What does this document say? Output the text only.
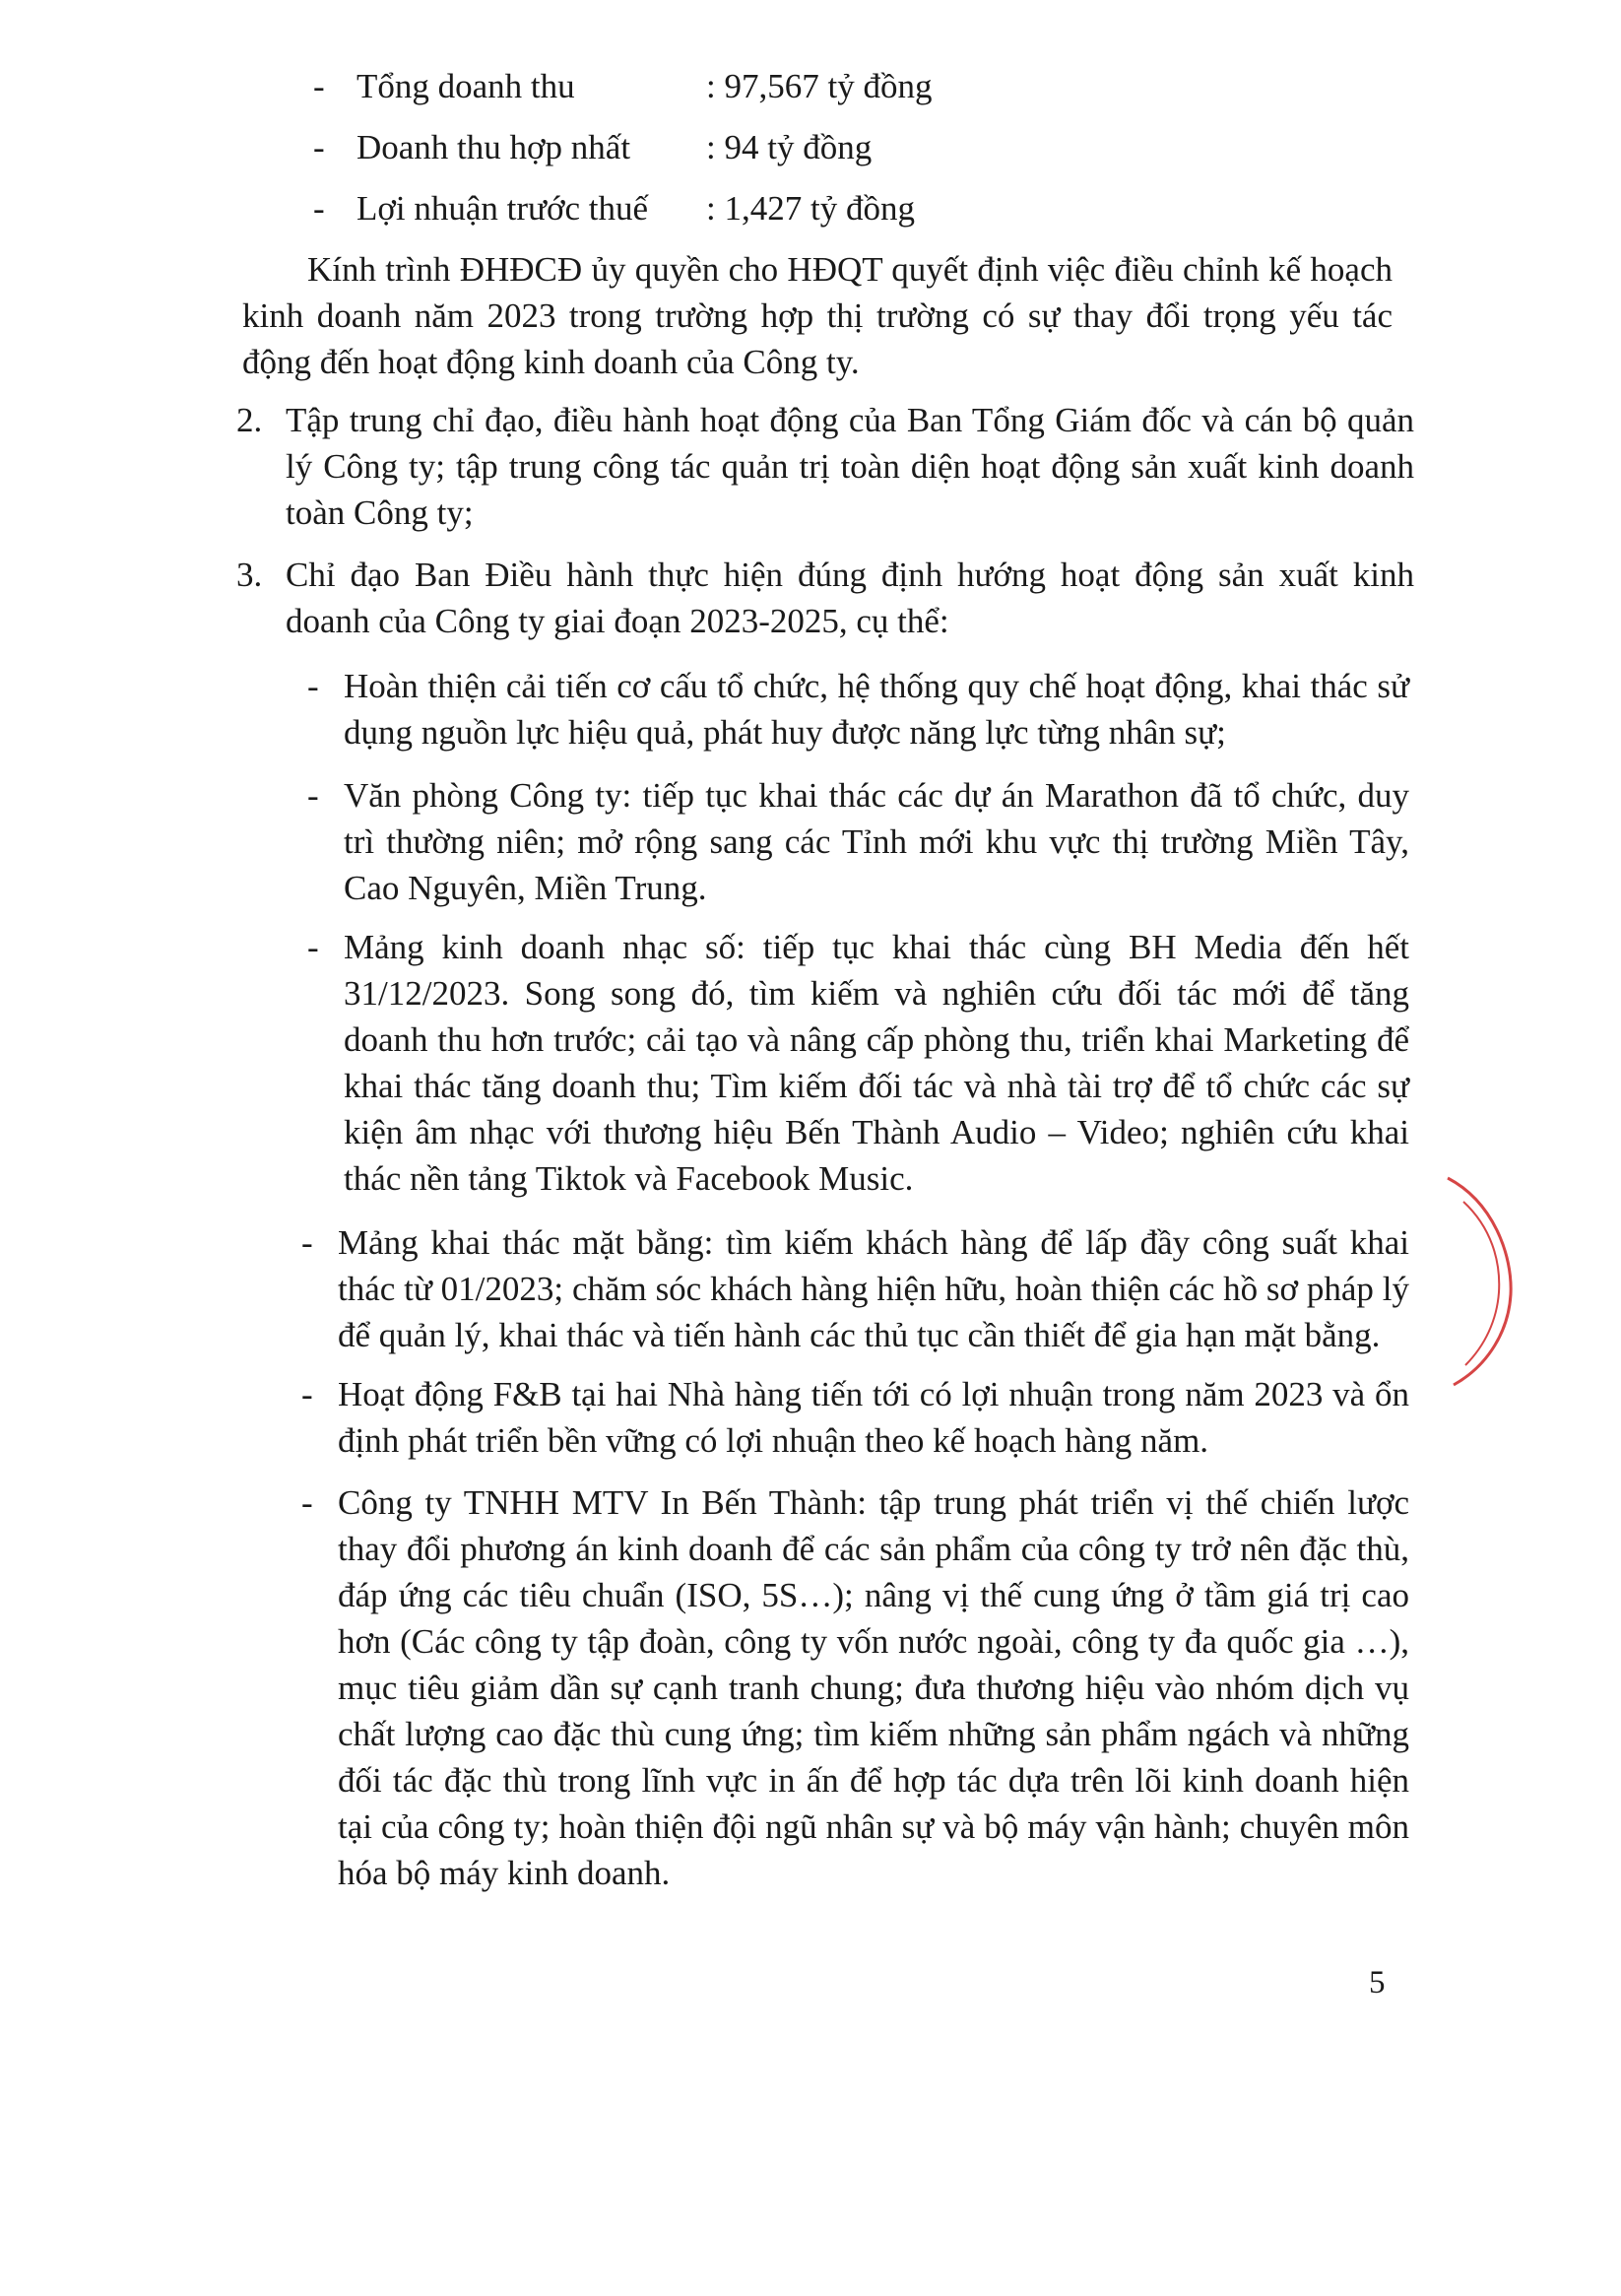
- Tổng doanh thu	: 97,567 tỷ đồng
- Doanh thu hợp nhất	: 94 tỷ đồng
- Lợi nhuận trước thuế	: 1,427 tỷ đồng

Kính trình ĐHĐCĐ ủy quyền cho HĐQT quyết định việc điều chỉnh kế hoạch kinh doanh năm 2023 trong trường hợp thị trường có sự thay đổi trọng yếu tác động đến hoạt động kinh doanh của Công ty.

2. Tập trung chỉ đạo, điều hành hoạt động của Ban Tổng Giám đốc và cán bộ quản lý Công ty; tập trung công tác quản trị toàn diện hoạt động sản xuất kinh doanh toàn Công ty;

3. Chỉ đạo Ban Điều hành thực hiện đúng định hướng hoạt động sản xuất kinh doanh của Công ty giai đoạn 2023-2025, cụ thể:

- Hoàn thiện cải tiến cơ cấu tổ chức, hệ thống quy chế hoạt động, khai thác sử dụng nguồn lực hiệu quả, phát huy được năng lực từng nhân sự;

- Văn phòng Công ty: tiếp tục khai thác các dự án Marathon đã tổ chức, duy trì thường niên; mở rộng sang các Tỉnh mới khu vực thị trường Miền Tây, Cao Nguyên, Miền Trung.

- Mảng kinh doanh nhạc số: tiếp tục khai thác cùng BH Media đến hết 31/12/2023. Song song đó, tìm kiếm và nghiên cứu đối tác mới để tăng doanh thu hơn trước; cải tạo và nâng cấp phòng thu, triển khai Marketing để khai thác tăng doanh thu; Tìm kiếm đối tác và nhà tài trợ để tổ chức các sự kiện âm nhạc với thương hiệu Bến Thành Audio – Video; nghiên cứu khai thác nền tảng Tiktok và Facebook Music.

- Mảng khai thác mặt bằng: tìm kiếm khách hàng để lấp đầy công suất khai thác từ 01/2023; chăm sóc khách hàng hiện hữu, hoàn thiện các hồ sơ pháp lý để quản lý, khai thác và tiến hành các thủ tục cần thiết để gia hạn mặt bằng.

- Hoạt động F&B tại hai Nhà hàng tiến tới có lợi nhuận trong năm 2023 và ổn định phát triển bền vững có lợi nhuận theo kế hoạch hàng năm.

- Công ty TNHH MTV In Bến Thành: tập trung phát triển vị thế chiến lược thay đổi phương án kinh doanh để các sản phẩm của công ty trở nên đặc thù, đáp ứng các tiêu chuẩn (ISO, 5S…); nâng vị thế cung ứng ở tầm giá trị cao hơn (Các công ty tập đoàn, công ty vốn nước ngoài, công ty đa quốc gia …), mục tiêu giảm dần sự cạnh tranh chung; đưa thương hiệu vào nhóm dịch vụ chất lượng cao đặc thù cung ứng; tìm kiếm những sản phẩm ngách và những đối tác đặc thù trong lĩnh vực in ấn để hợp tác dựa trên lõi kinh doanh hiện tại của công ty; hoàn thiện đội ngũ nhân sự và bộ máy vận hành; chuyên môn hóa bộ máy kinh doanh.

5
